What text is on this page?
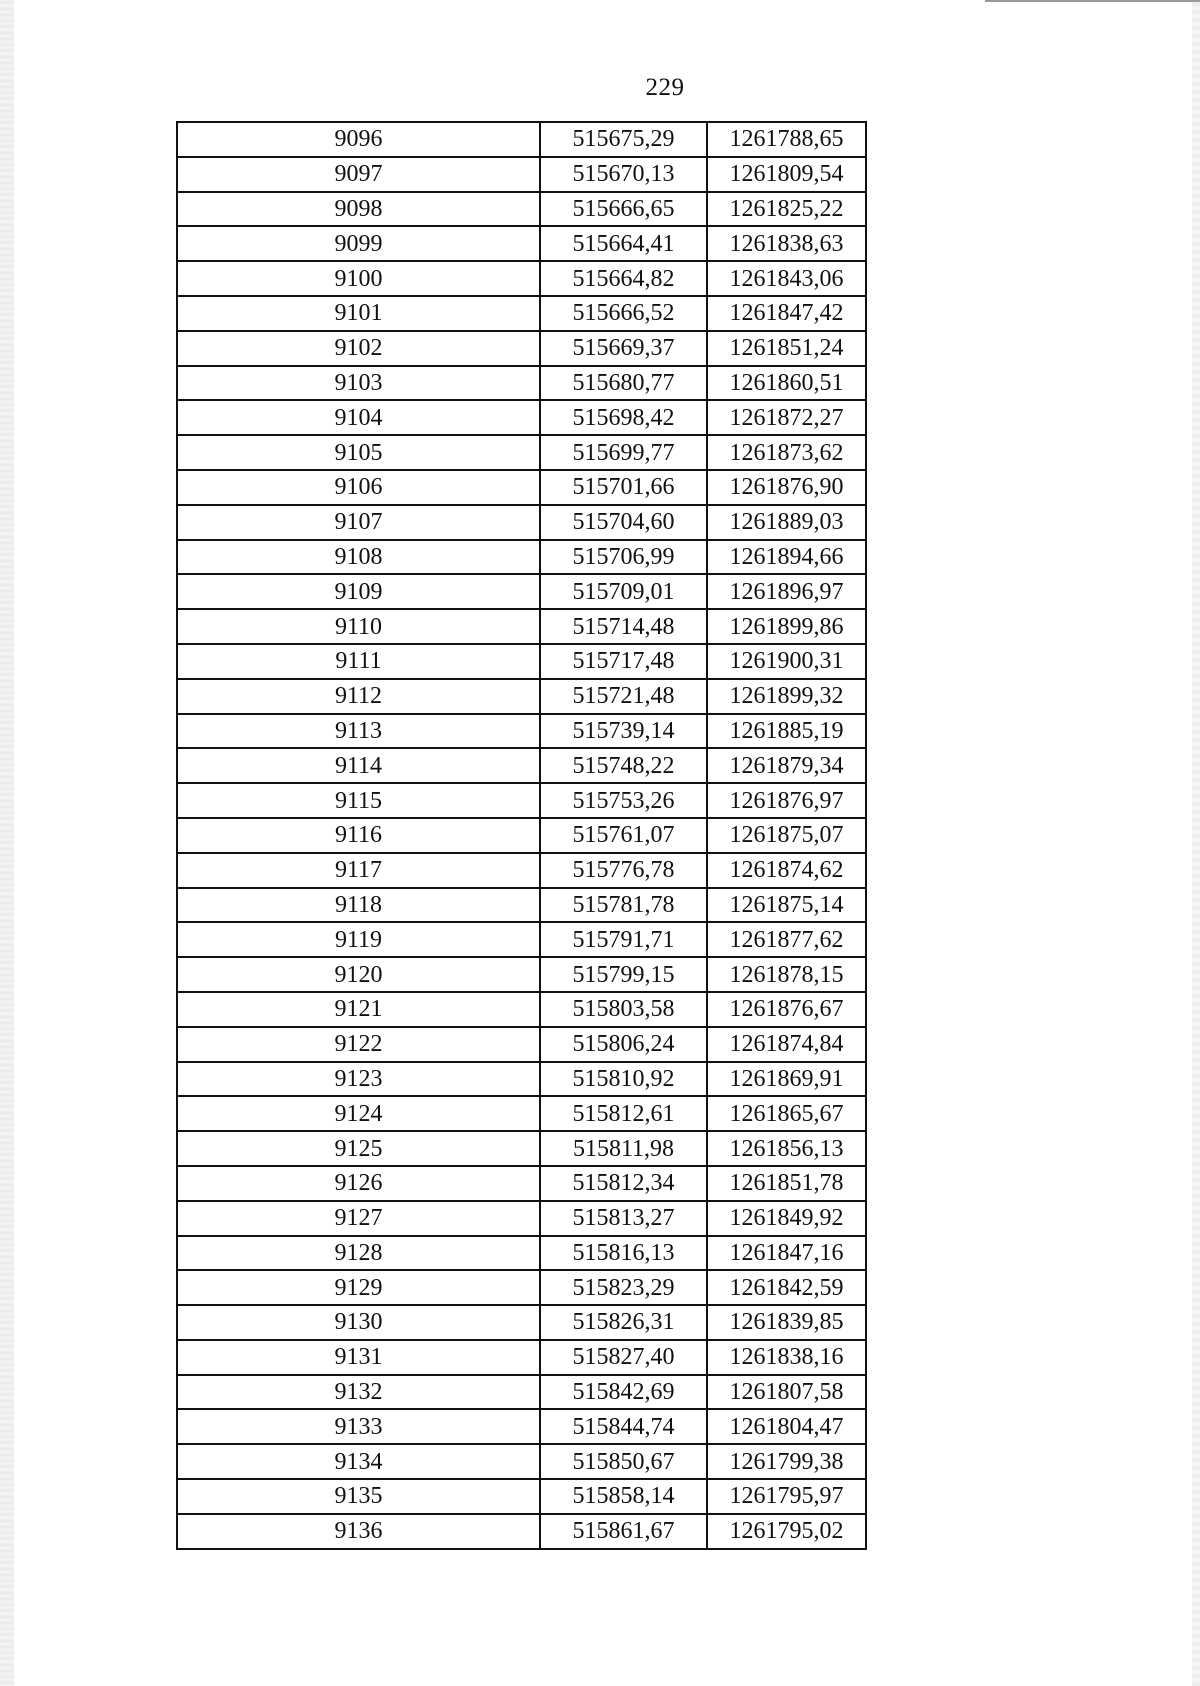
229
9096	515675,29	1261788,65
9097	515670,13	1261809,54
9098	515666,65	1261825,22
9099	515664,41	1261838,63
9100	515664,82	1261843,06
9101	515666,52	1261847,42
9102	515669,37	1261851,24
9103	515680,77	1261860,51
9104	515698,42	1261872,27
9105	515699,77	1261873,62
9106	515701,66	1261876,90
9107	515704,60	1261889,03
9108	515706,99	1261894,66
9109	515709,01	1261896,97
9110	515714,48	1261899,86
9111	515717,48	1261900,31
9112	515721,48	1261899,32
9113	515739,14	1261885,19
9114	515748,22	1261879,34
9115	515753,26	1261876,97
9116	515761,07	1261875,07
9117	515776,78	1261874,62
9118	515781,78	1261875,14
9119	515791,71	1261877,62
9120	515799,15	1261878,15
9121	515803,58	1261876,67
9122	515806,24	1261874,84
9123	515810,92	1261869,91
9124	515812,61	1261865,67
9125	515811,98	1261856,13
9126	515812,34	1261851,78
9127	515813,27	1261849,92
9128	515816,13	1261847,16
9129	515823,29	1261842,59
9130	515826,31	1261839,85
9131	515827,40	1261838,16
9132	515842,69	1261807,58
9133	515844,74	1261804,47
9134	515850,67	1261799,38
9135	515858,14	1261795,97
9136	515861,67	1261795,02
